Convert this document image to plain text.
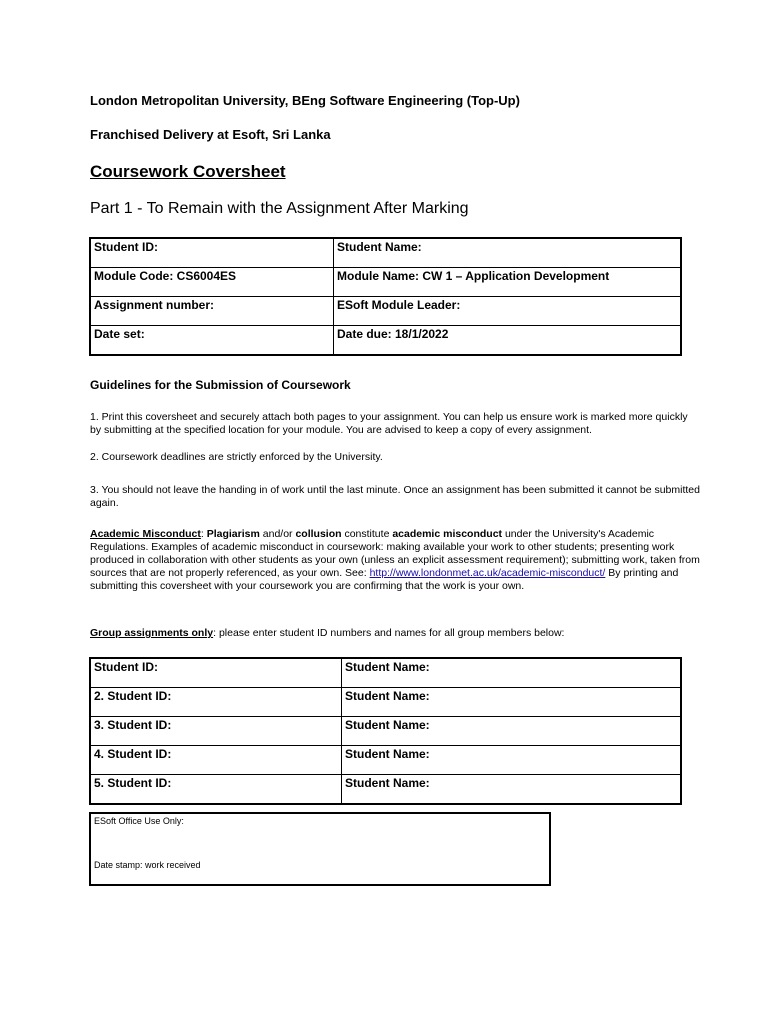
London Metropolitan University, BEng Software Engineering (Top-Up)
Franchised Delivery at Esoft, Sri Lanka
Coursework Coversheet
Part 1 - To Remain with the Assignment After Marking
Student ID:	Student Name:
Module Code: CS6004ES	Module Name: CW 1 – Application Development
Assignment number:	ESoft Module Leader:
Date set:	Date due: 18/1/2022
Guidelines for the Submission of Coursework
1. Print this coversheet and securely attach both pages to your assignment. You can help us ensure work is marked more quickly by submitting at the specified location for your module. You are advised to keep a copy of every assignment.
2. Coursework deadlines are strictly enforced by the University.
3. You should not leave the handing in of work until the last minute. Once an assignment has been submitted it cannot be submitted again.
Academic Misconduct: Plagiarism and/or collusion constitute academic misconduct under the University's Academic Regulations. Examples of academic misconduct in coursework: making available your work to other students; presenting work produced in collaboration with other students as your own (unless an explicit assessment requirement); submitting work, taken from sources that are not properly referenced, as your own. See: http://www.londonmet.ac.uk/academic-misconduct/ By printing and submitting this coversheet with your coursework you are confirming that the work is your own.
Group assignments only: please enter student ID numbers and names for all group members below:
Student ID:	Student Name:
2. Student ID:	Student Name:
3. Student ID:	Student Name:
4. Student ID:	Student Name:
5. Student ID:	Student Name:
ESoft Office Use Only:
Date stamp: work received
